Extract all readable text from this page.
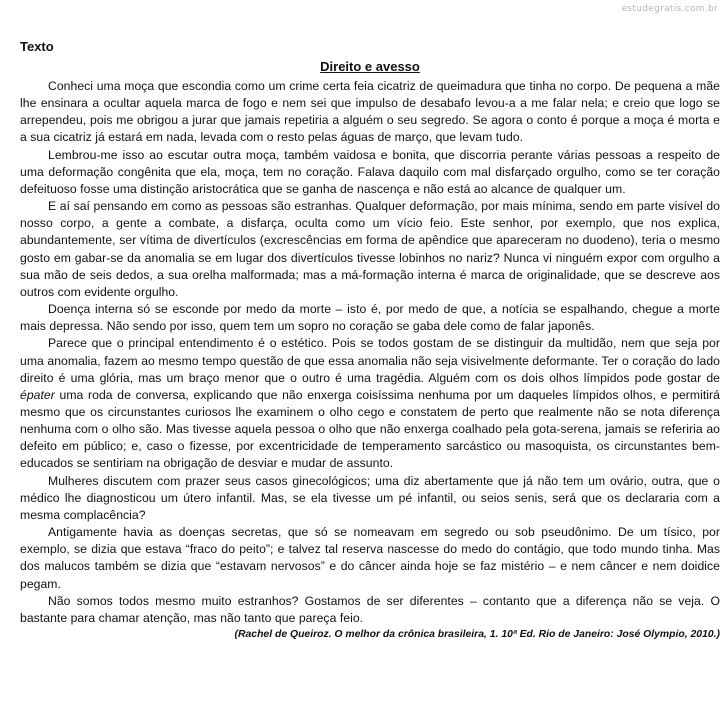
estudegratis.com.br

Texto

Direito e avesso

Conheci uma moça que escondia como um crime certa feia cicatriz de queimadura que tinha no corpo. De pequena a mãe lhe ensinara a ocultar aquela marca de fogo e nem sei que impulso de desabafo levou-a a me falar nela; e creio que logo se arrependeu, pois me obrigou a jurar que jamais repetiria a alguém o seu segredo. Se agora o conto é porque a moça é morta e a sua cicatriz já estará em nada, levada com o resto pelas águas de março, que levam tudo.

Lembrou-me isso ao escutar outra moça, também vaidosa e bonita, que discorria perante várias pessoas a respeito de uma deformação congênita que ela, moça, tem no coração. Falava daquilo com mal disfarçado orgulho, como se ter coração defeituoso fosse uma distinção aristocrática que se ganha de nascença e não está ao alcance de qualquer um.

E aí saí pensando em como as pessoas são estranhas. Qualquer deformação, por mais mínima, sendo em parte visível do nosso corpo, a gente a combate, a disfarça, oculta como um vício feio. Este senhor, por exemplo, que nos explica, abundantemente, ser vítima de divertículos (excrescências em forma de apêndice que apareceram no duodeno), teria o mesmo gosto em gabar-se da anomalia se em lugar dos divertículos tivesse lobinhos no nariz? Nunca vi ninguém expor com orgulho a sua mão de seis dedos, a sua orelha malformada; mas a má-formação interna é marca de originalidade, que se descreve aos outros com evidente orgulho.

Doença interna só se esconde por medo da morte – isto é, por medo de que, a notícia se espalhando, chegue a morte mais depressa. Não sendo por isso, quem tem um sopro no coração se gaba dele como de falar japonês.

Parece que o principal entendimento é o estético. Pois se todos gostam de se distinguir da multidão, nem que seja por uma anomalia, fazem ao mesmo tempo questão de que essa anomalia não seja visivelmente deformante. Ter o coração do lado direito é uma glória, mas um braço menor que o outro é uma tragédia. Alguém com os dois olhos límpidos pode gostar de épater uma roda de conversa, explicando que não enxerga coisíssima nenhuma por um daqueles límpidos olhos, e permitirá mesmo que os circunstantes curiosos lhe examinem o olho cego e constatem de perto que realmente não se nota diferença nenhuma com o olho são. Mas tivesse aquela pessoa o olho que não enxerga coalhado pela gota-serena, jamais se referiria ao defeito em público; e, caso o fizesse, por excentricidade de temperamento sarcástico ou masoquista, os circunstantes bem-educados se sentiriam na obrigação de desviar e mudar de assunto.

Mulheres discutem com prazer seus casos ginecológicos; uma diz abertamente que já não tem um ovário, outra, que o médico lhe diagnosticou um útero infantil. Mas, se ela tivesse um pé infantil, ou seios senis, será que os declararia com a mesma complacência?

Antigamente havia as doenças secretas, que só se nomeavam em segredo ou sob pseudônimo. De um tísico, por exemplo, se dizia que estava “fraco do peito”; e talvez tal reserva nascesse do medo do contágio, que todo mundo tinha. Mas dos malucos também se dizia que “estavam nervosos” e do câncer ainda hoje se faz mistério – e nem câncer e nem doidice pegam.

Não somos todos mesmo muito estranhos? Gostamos de ser diferentes – contanto que a diferença não se veja. O bastante para chamar atenção, mas não tanto que pareça feio.

(Rachel de Queiroz. O melhor da crônica brasileira, 1. 10ª Ed. Rio de Janeiro: José Olympio, 2010.)
